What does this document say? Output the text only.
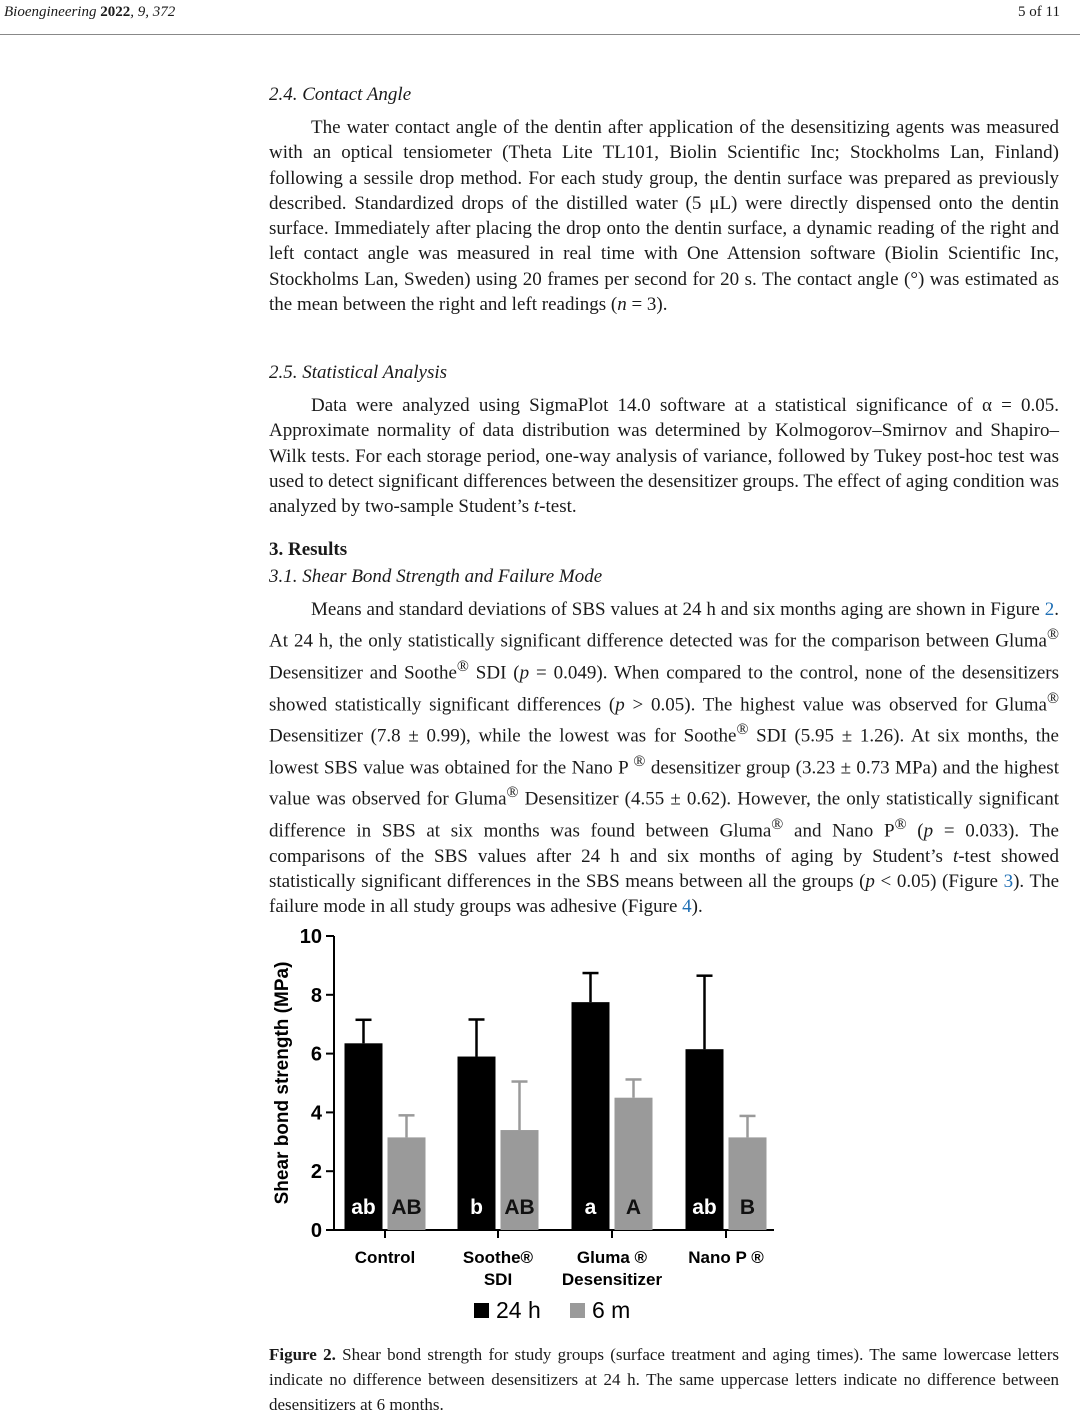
Bioengineering 2022, 9, 372	5 of 11
2.4. Contact Angle

The water contact angle of the dentin after application of the desensitizing agents was measured with an optical tensiometer (Theta Lite TL101, Biolin Scientific Inc; Stockholms Lan, Finland) following a sessile drop method. For each study group, the dentin surface was prepared as previously described. Standardized drops of the distilled water (5 μL) were directly dispensed onto the dentin surface. Immediately after placing the drop onto the dentin surface, a dynamic reading of the right and left contact angle was measured in real time with One Attension software (Biolin Scientific Inc, Stockholms Lan, Sweden) using 20 frames per second for 20 s. The contact angle (°) was estimated as the mean between the right and left readings (n = 3).

2.5. Statistical Analysis

Data were analyzed using SigmaPlot 14.0 software at a statistical significance of α = 0.05. Approximate normality of data distribution was determined by Kolmogorov–Smirnov and Shapiro–Wilk tests. For each storage period, one-way analysis of variance, followed by Tukey post-hoc test was used to detect significant differences between the desensitizer groups. The effect of aging condition was analyzed by two-sample Student’s t-test.

3. Results
3.1. Shear Bond Strength and Failure Mode

Means and standard deviations of SBS values at 24 h and six months aging are shown in Figure 2. At 24 h, the only statistically significant difference detected was for the comparison between Gluma® Desensitizer and Soothe® SDI (p = 0.049). When compared to the control, none of the desensitizers showed statistically significant differences (p > 0.05). The highest value was observed for Gluma® Desensitizer (7.8 ± 0.99), while the lowest was for Soothe® SDI (5.95 ± 1.26). At six months, the lowest SBS value was obtained for the Nano P ® desensitizer group (3.23 ± 0.73 MPa) and the highest value was observed for Gluma® Desensitizer (4.55 ± 0.62). However, the only statistically significant difference in SBS at six months was found between Gluma® and Nano P® (p = 0.033). The comparisons of the SBS values after 24 h and six months of aging by Student’s t-test showed statistically significant differences in the SBS means between all the groups (p < 0.05) (Figure 3). The failure mode in all study groups was adhesive (Figure 4).

Shear bond strength (MPa)
0
2
4
6
8
10
Control
ab AB
Soothe®
SDI
b AB
Gluma ®
Desensitizer
a A
Nano P ®
ab B
24 h 6 m
Figure 2. Shear bond strength for study groups (surface treatment and aging times). The same lowercase letters indicate no difference between desensitizers at 24 h. The same uppercase letters indicate no difference between desensitizers at 6 months.
